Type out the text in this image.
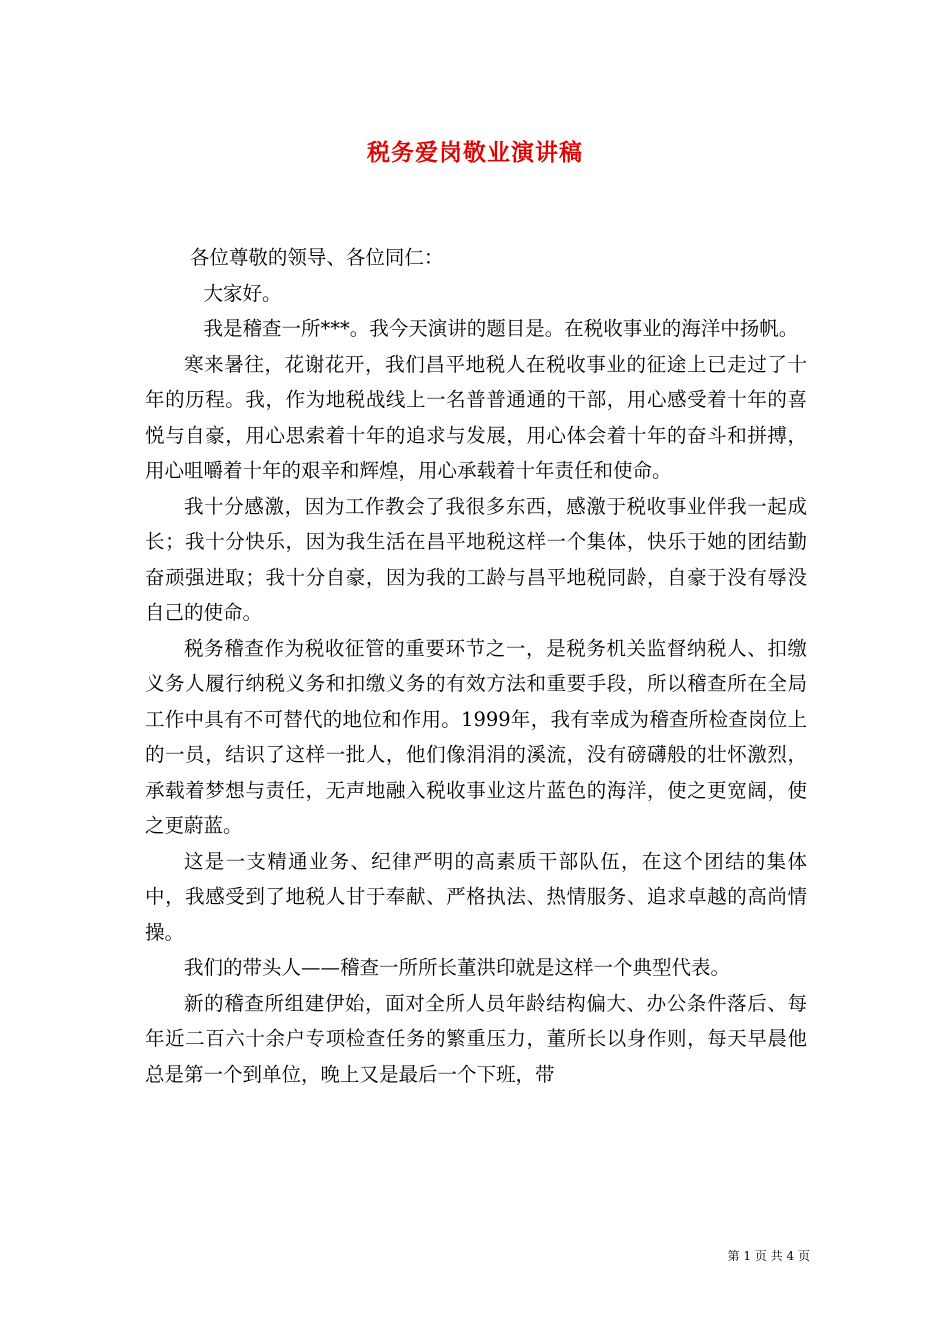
税务爱岗敬业演讲稿

各位尊敬的领导、各位同仁：

大家好。

我是稽查一所***。我今天演讲的题目是。在税收事业的海洋中扬帆。

寒来暑往，花谢花开，我们昌平地税人在税收事业的征途上已走过了十年的历程。我，作为地税战线上一名普普通通的干部，用心感受着十年的喜悦与自豪，用心思索着十年的追求与发展，用心体会着十年的奋斗和拼搏，用心咀嚼着十年的艰辛和辉煌，用心承载着十年责任和使命。

我十分感激，因为工作教会了我很多东西，感激于税收事业伴我一起成长；我十分快乐，因为我生活在昌平地税这样一个集体，快乐于她的团结勤奋顽强进取；我十分自豪，因为我的工龄与昌平地税同龄，自豪于没有辱没自己的使命。

税务稽查作为税收征管的重要环节之一，是税务机关监督纳税人、扣缴义务人履行纳税义务和扣缴义务的有效方法和重要手段，所以稽查所在全局工作中具有不可替代的地位和作用。1999年，我有幸成为稽查所检查岗位上的一员，结识了这样一批人，他们像涓涓的溪流，没有磅礴般的壮怀激烈，承载着梦想与责任，无声地融入税收事业这片蓝色的海洋，使之更宽阔，使之更蔚蓝。

这是一支精通业务、纪律严明的高素质干部队伍，在这个团结的集体中，我感受到了地税人甘于奉献、严格执法、热情服务、追求卓越的高尚情操。

我们的带头人——稽查一所所长董洪印就是这样一个典型代表。

新的稽查所组建伊始，面对全所人员年龄结构偏大、办公条件落后、每年近二百六十余户专项检查任务的繁重压力，董所长以身作则，每天早晨他总是第一个到单位，晚上又是最后一个下班，带

第 1 页 共 4 页
